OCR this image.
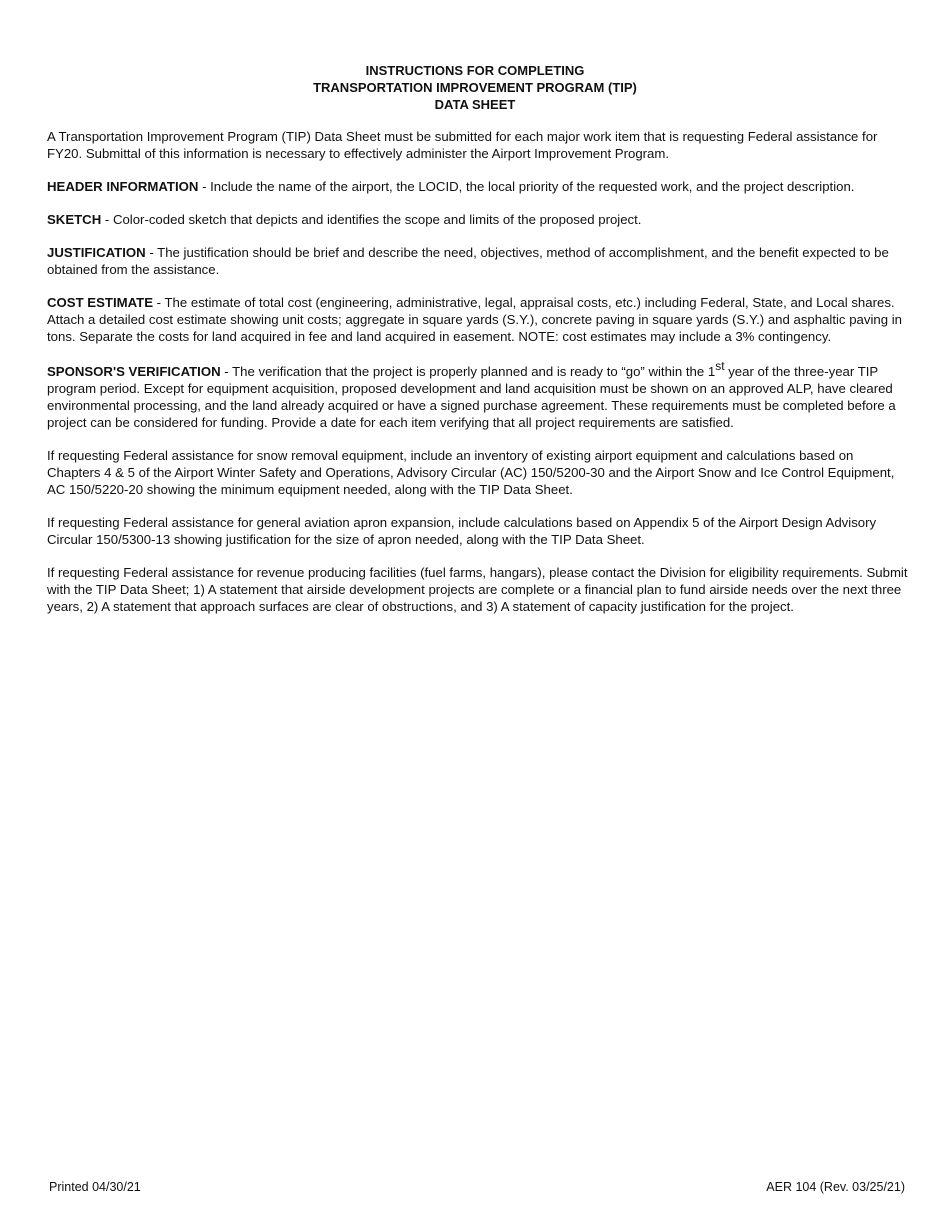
INSTRUCTIONS FOR COMPLETING
TRANSPORTATION IMPROVEMENT PROGRAM (TIP)
DATA SHEET

A Transportation Improvement Program (TIP) Data Sheet must be submitted for each major work item that is requesting Federal assistance for FY20. Submittal of this information is necessary to effectively administer the Airport Improvement Program.

HEADER INFORMATION - Include the name of the airport, the LOCID, the local priority of the requested work, and the project description.

SKETCH - Color-coded sketch that depicts and identifies the scope and limits of the proposed project.

JUSTIFICATION - The justification should be brief and describe the need, objectives, method of accomplishment, and the benefit expected to be obtained from the assistance.

COST ESTIMATE - The estimate of total cost (engineering, administrative, legal, appraisal costs, etc.) including Federal, State, and Local shares. Attach a detailed cost estimate showing unit costs; aggregate in square yards (S.Y.), concrete paving in square yards (S.Y.) and asphaltic paving in tons. Separate the costs for land acquired in fee and land acquired in easement. NOTE: cost estimates may include a 3% contingency.

SPONSOR'S VERIFICATION - The verification that the project is properly planned and is ready to “go” within the 1st year of the three-year TIP program period. Except for equipment acquisition, proposed development and land acquisition must be shown on an approved ALP, have cleared environmental processing, and the land already acquired or have a signed purchase agreement. These requirements must be completed before a project can be considered for funding. Provide a date for each item verifying that all project requirements are satisfied.

If requesting Federal assistance for snow removal equipment, include an inventory of existing airport equipment and calculations based on Chapters 4 & 5 of the Airport Winter Safety and Operations, Advisory Circular (AC) 150/5200-30 and the Airport Snow and Ice Control Equipment, AC 150/5220-20 showing the minimum equipment needed, along with the TIP Data Sheet.

If requesting Federal assistance for general aviation apron expansion, include calculations based on Appendix 5 of the Airport Design Advisory Circular 150/5300-13 showing justification for the size of apron needed, along with the TIP Data Sheet.

If requesting Federal assistance for revenue producing facilities (fuel farms, hangars), please contact the Division for eligibility requirements. Submit with the TIP Data Sheet; 1) A statement that airside development projects are complete or a financial plan to fund airside needs over the next three years, 2) A statement that approach surfaces are clear of obstructions, and 3) A statement of capacity justification for the project.

Printed 04/30/21	AER 104 (Rev. 03/25/21)
